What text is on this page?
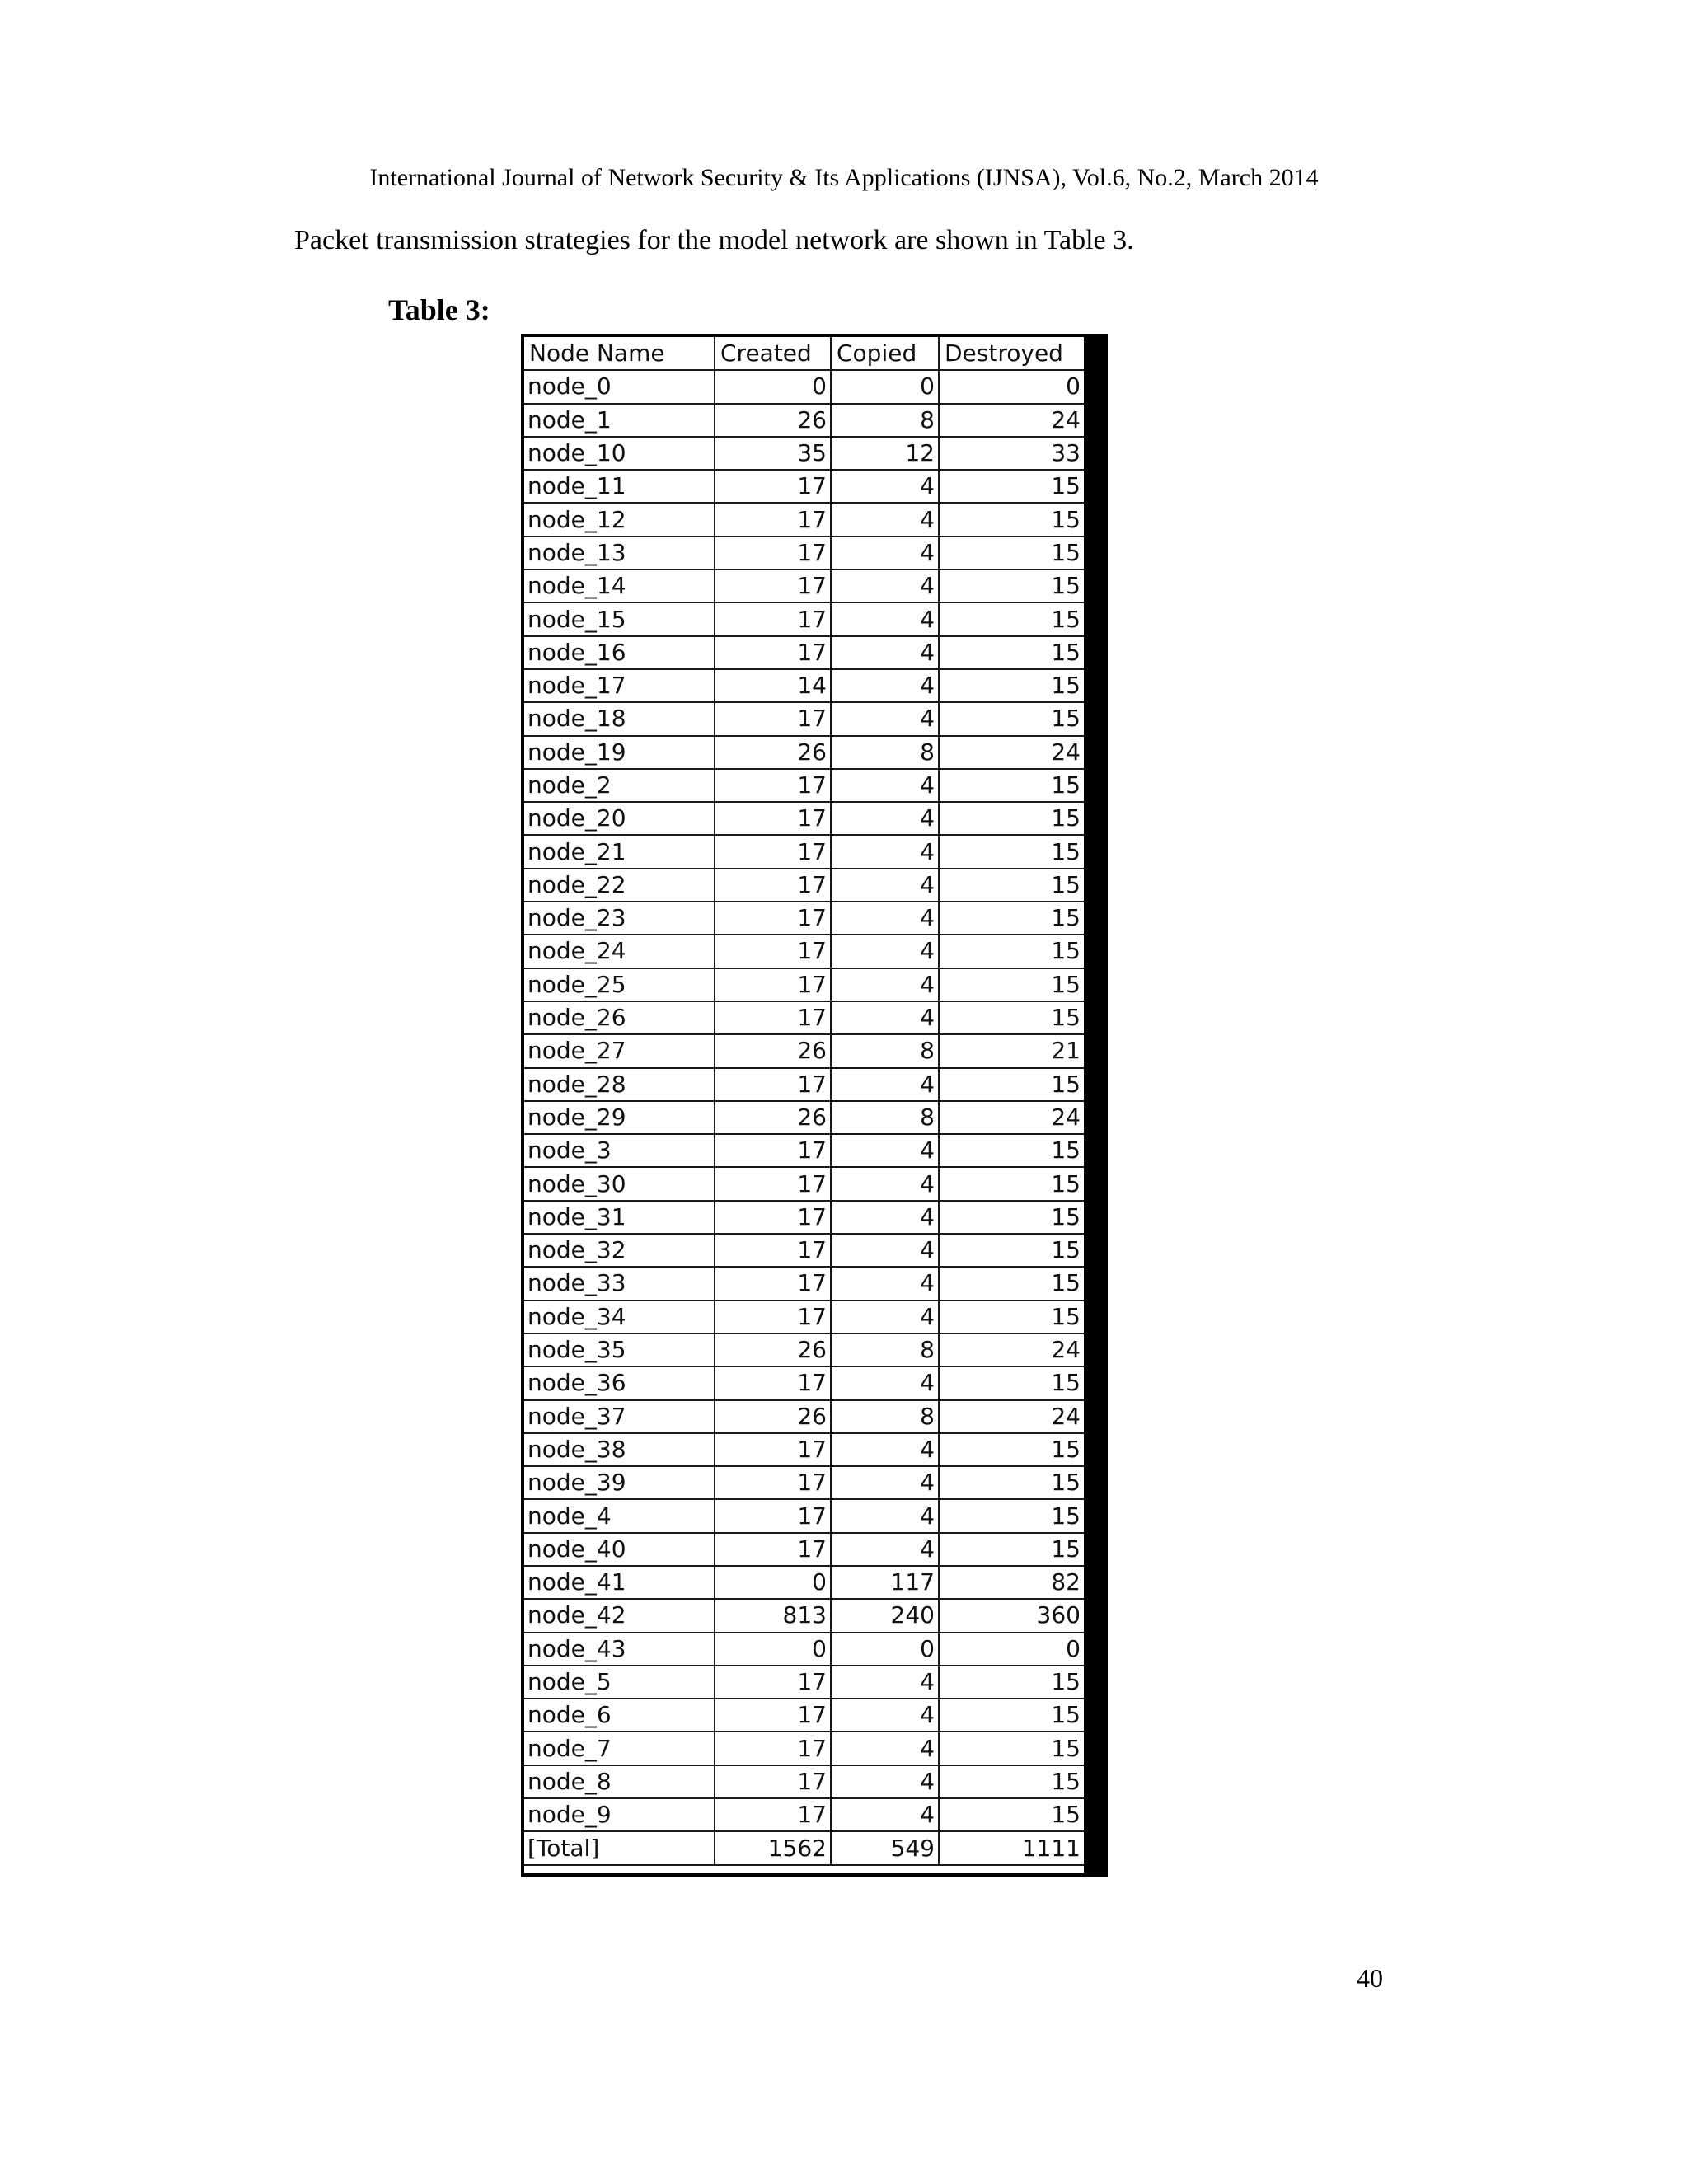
International Journal of Network Security & Its Applications (IJNSA), Vol.6, No.2, March 2014
Packet transmission strategies for the model network are shown in Table 3.
Table 3:
Node Name	Created	Copied	Destroyed
node_0	0	0	0
node_1	26	8	24
node_10	35	12	33
node_11	17	4	15
node_12	17	4	15
node_13	17	4	15
node_14	17	4	15
node_15	17	4	15
node_16	17	4	15
node_17	14	4	15
node_18	17	4	15
node_19	26	8	24
node_2	17	4	15
node_20	17	4	15
node_21	17	4	15
node_22	17	4	15
node_23	17	4	15
node_24	17	4	15
node_25	17	4	15
node_26	17	4	15
node_27	26	8	21
node_28	17	4	15
node_29	26	8	24
node_3	17	4	15
node_30	17	4	15
node_31	17	4	15
node_32	17	4	15
node_33	17	4	15
node_34	17	4	15
node_35	26	8	24
node_36	17	4	15
node_37	26	8	24
node_38	17	4	15
node_39	17	4	15
node_4	17	4	15
node_40	17	4	15
node_41	0	117	82
node_42	813	240	360
node_43	0	0	0
node_5	17	4	15
node_6	17	4	15
node_7	17	4	15
node_8	17	4	15
node_9	17	4	15
[Total]	1562	549	1111
40
